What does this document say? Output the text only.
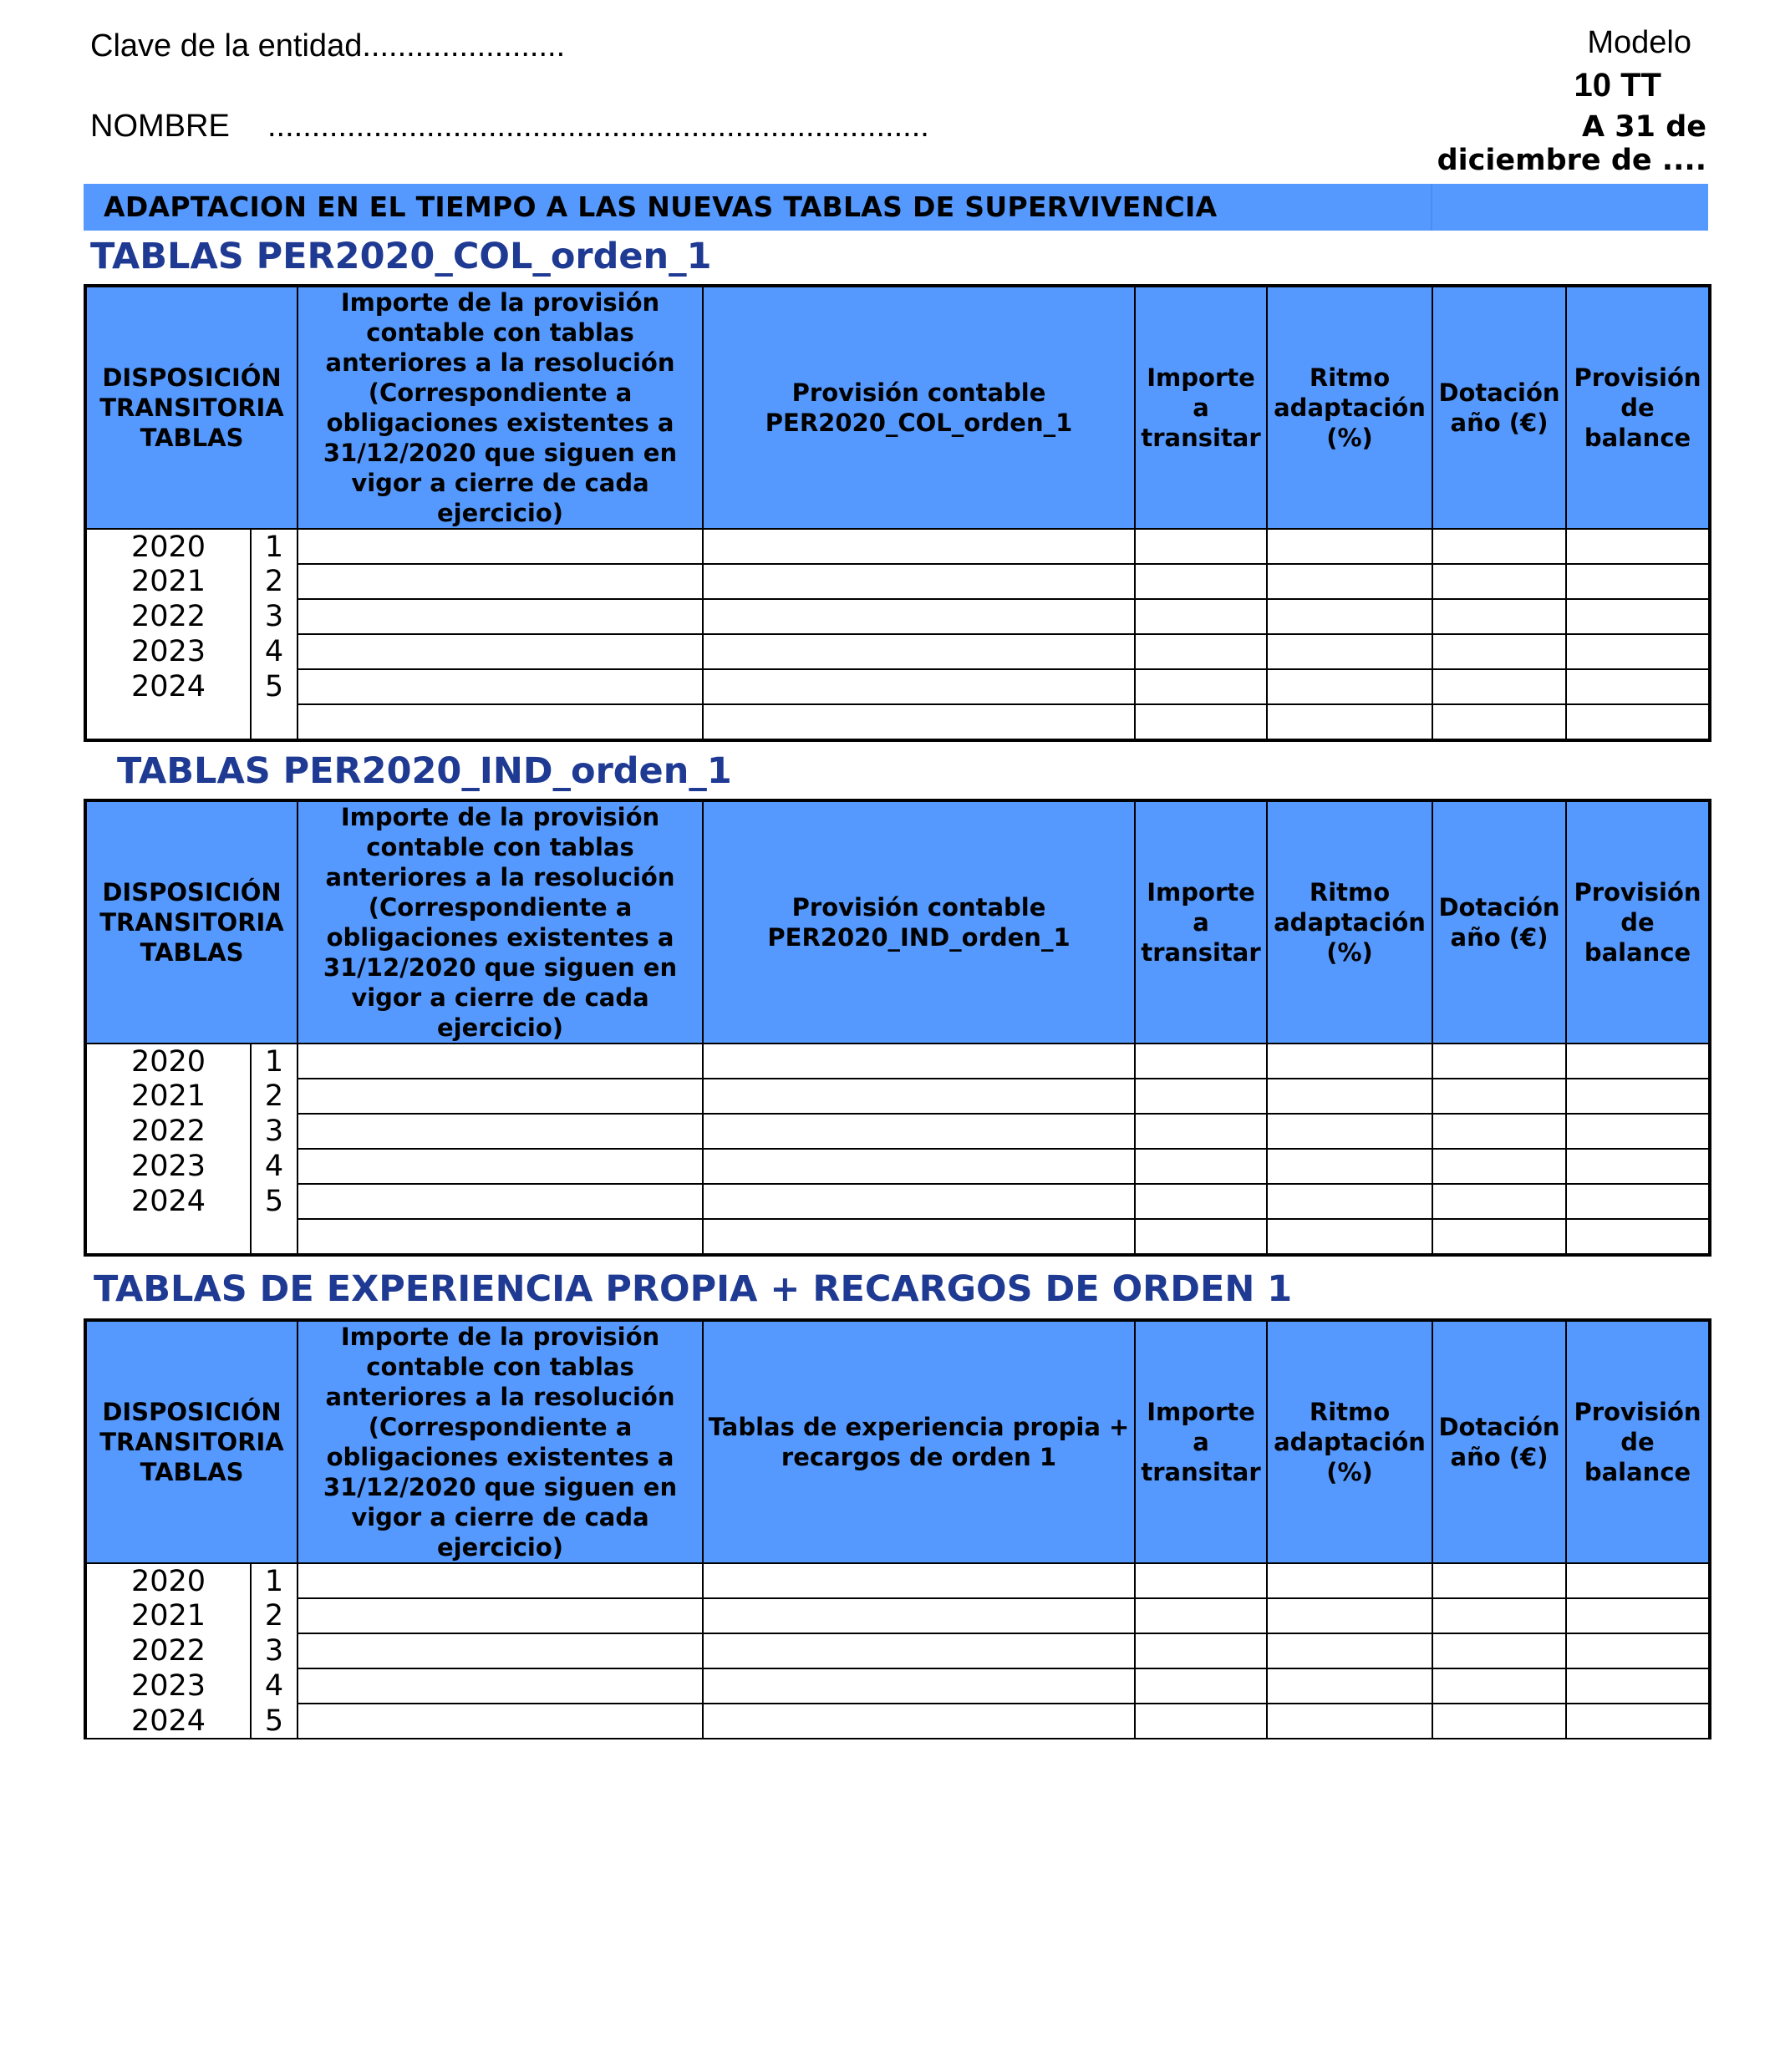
Clave de la entidad.......................
NOMBRE ...........................................................................
Modelo
10 TT
A 31 de
diciembre de ....
ADAPTACION EN EL TIEMPO A LAS NUEVAS TABLAS DE SUPERVIVENCIA
TABLAS PER2020_COL_orden_1
DISPOSICIÓN TRANSITORIA TABLAS		Importe de la provisión contable con tablas anteriores a la resolución (Correspondiente a obligaciones existentes a 31/12/2020 que siguen en vigor a cierre de cada ejercicio)	Provisión contable PER2020_COL_orden_1	Importe a transitar	Ritmo adaptación (%)	Dotación año (€)	Provisión de balance
2020	1						
2021	2						
2022	3						
2023	4						
2024	5						

TABLAS PER2020_IND_orden_1
DISPOSICIÓN TRANSITORIA TABLAS		Importe de la provisión contable con tablas anteriores a la resolución (Correspondiente a obligaciones existentes a 31/12/2020 que siguen en vigor a cierre de cada ejercicio)	Provisión contable PER2020_IND_orden_1	Importe a transitar	Ritmo adaptación (%)	Dotación año (€)	Provisión de balance
2020	1						
2021	2						
2022	3						
2023	4						
2024	5						

TABLAS DE EXPERIENCIA PROPIA + RECARGOS DE ORDEN 1
DISPOSICIÓN TRANSITORIA TABLAS		Importe de la provisión contable con tablas anteriores a la resolución (Correspondiente a obligaciones existentes a 31/12/2020 que siguen en vigor a cierre de cada ejercicio)	Tablas de experiencia propia + recargos de orden 1	Importe a transitar	Ritmo adaptación (%)	Dotación año (€)	Provisión de balance
2020	1						
2021	2						
2022	3						
2023	4						
2024	5						
